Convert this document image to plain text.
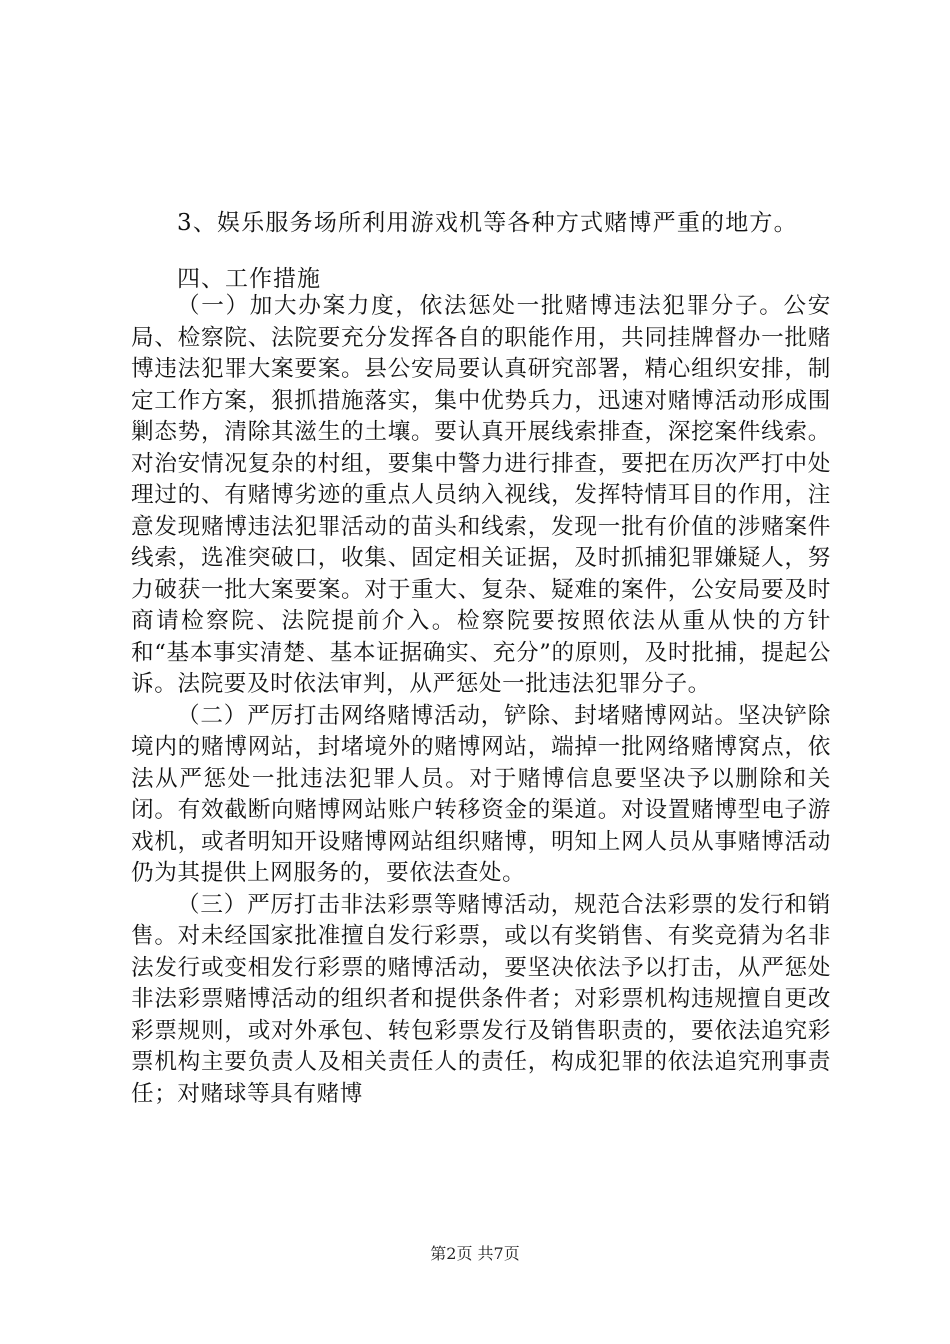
3、娱乐服务场所利用游戏机等各种方式赌博严重的地方。
四、工作措施

（一）加大办案力度，依法惩处一批赌博违法犯罪分子。公安局、检察院、法院要充分发挥各自的职能作用，共同挂牌督办一批赌博违法犯罪大案要案。县公安局要认真研究部署，精心组织安排，制定工作方案，狠抓措施落实，集中优势兵力，迅速对赌博活动形成围剿态势，清除其滋生的土壤。要认真开展线索排查，深挖案件线索。对治安情况复杂的村组，要集中警力进行排查，要把在历次严打中处理过的、有赌博劣迹的重点人员纳入视线，发挥特情耳目的作用，注意发现赌博违法犯罪活动的苗头和线索，发现一批有价值的涉赌案件线索，选准突破口，收集、固定相关证据，及时抓捕犯罪嫌疑人，努力破获一批大案要案。对于重大、复杂、疑难的案件，公安局要及时商请检察院、法院提前介入。检察院要按照依法从重从快的方针和“基本事实清楚、基本证据确实、充分”的原则，及时批捕，提起公诉。法院要及时依法审判，从严惩处一批违法犯罪分子。

（二）严厉打击网络赌博活动，铲除、封堵赌博网站。坚决铲除境内的赌博网站，封堵境外的赌博网站，端掉一批网络赌博窝点，依法从严惩处一批违法犯罪人员。对于赌博信息要坚决予以删除和关闭。有效截断向赌博网站账户转移资金的渠道。对设置赌博型电子游戏机，或者明知开设赌博网站组织赌博，明知上网人员从事赌博活动仍为其提供上网服务的，要依法查处。

（三）严厉打击非法彩票等赌博活动，规范合法彩票的发行和销售。对未经国家批准擅自发行彩票，或以有奖销售、有奖竞猜为名非法发行或变相发行彩票的赌博活动，要坚决依法予以打击，从严惩处非法彩票赌博活动的组织者和提供条件者；对彩票机构违规擅自更改彩票规则，或对外承包、转包彩票发行及销售职责的，要依法追究彩票机构主要负责人及相关责任人的责任，构成犯罪的依法追究刑事责任；对赌球等具有赌博

第2页 共7页
